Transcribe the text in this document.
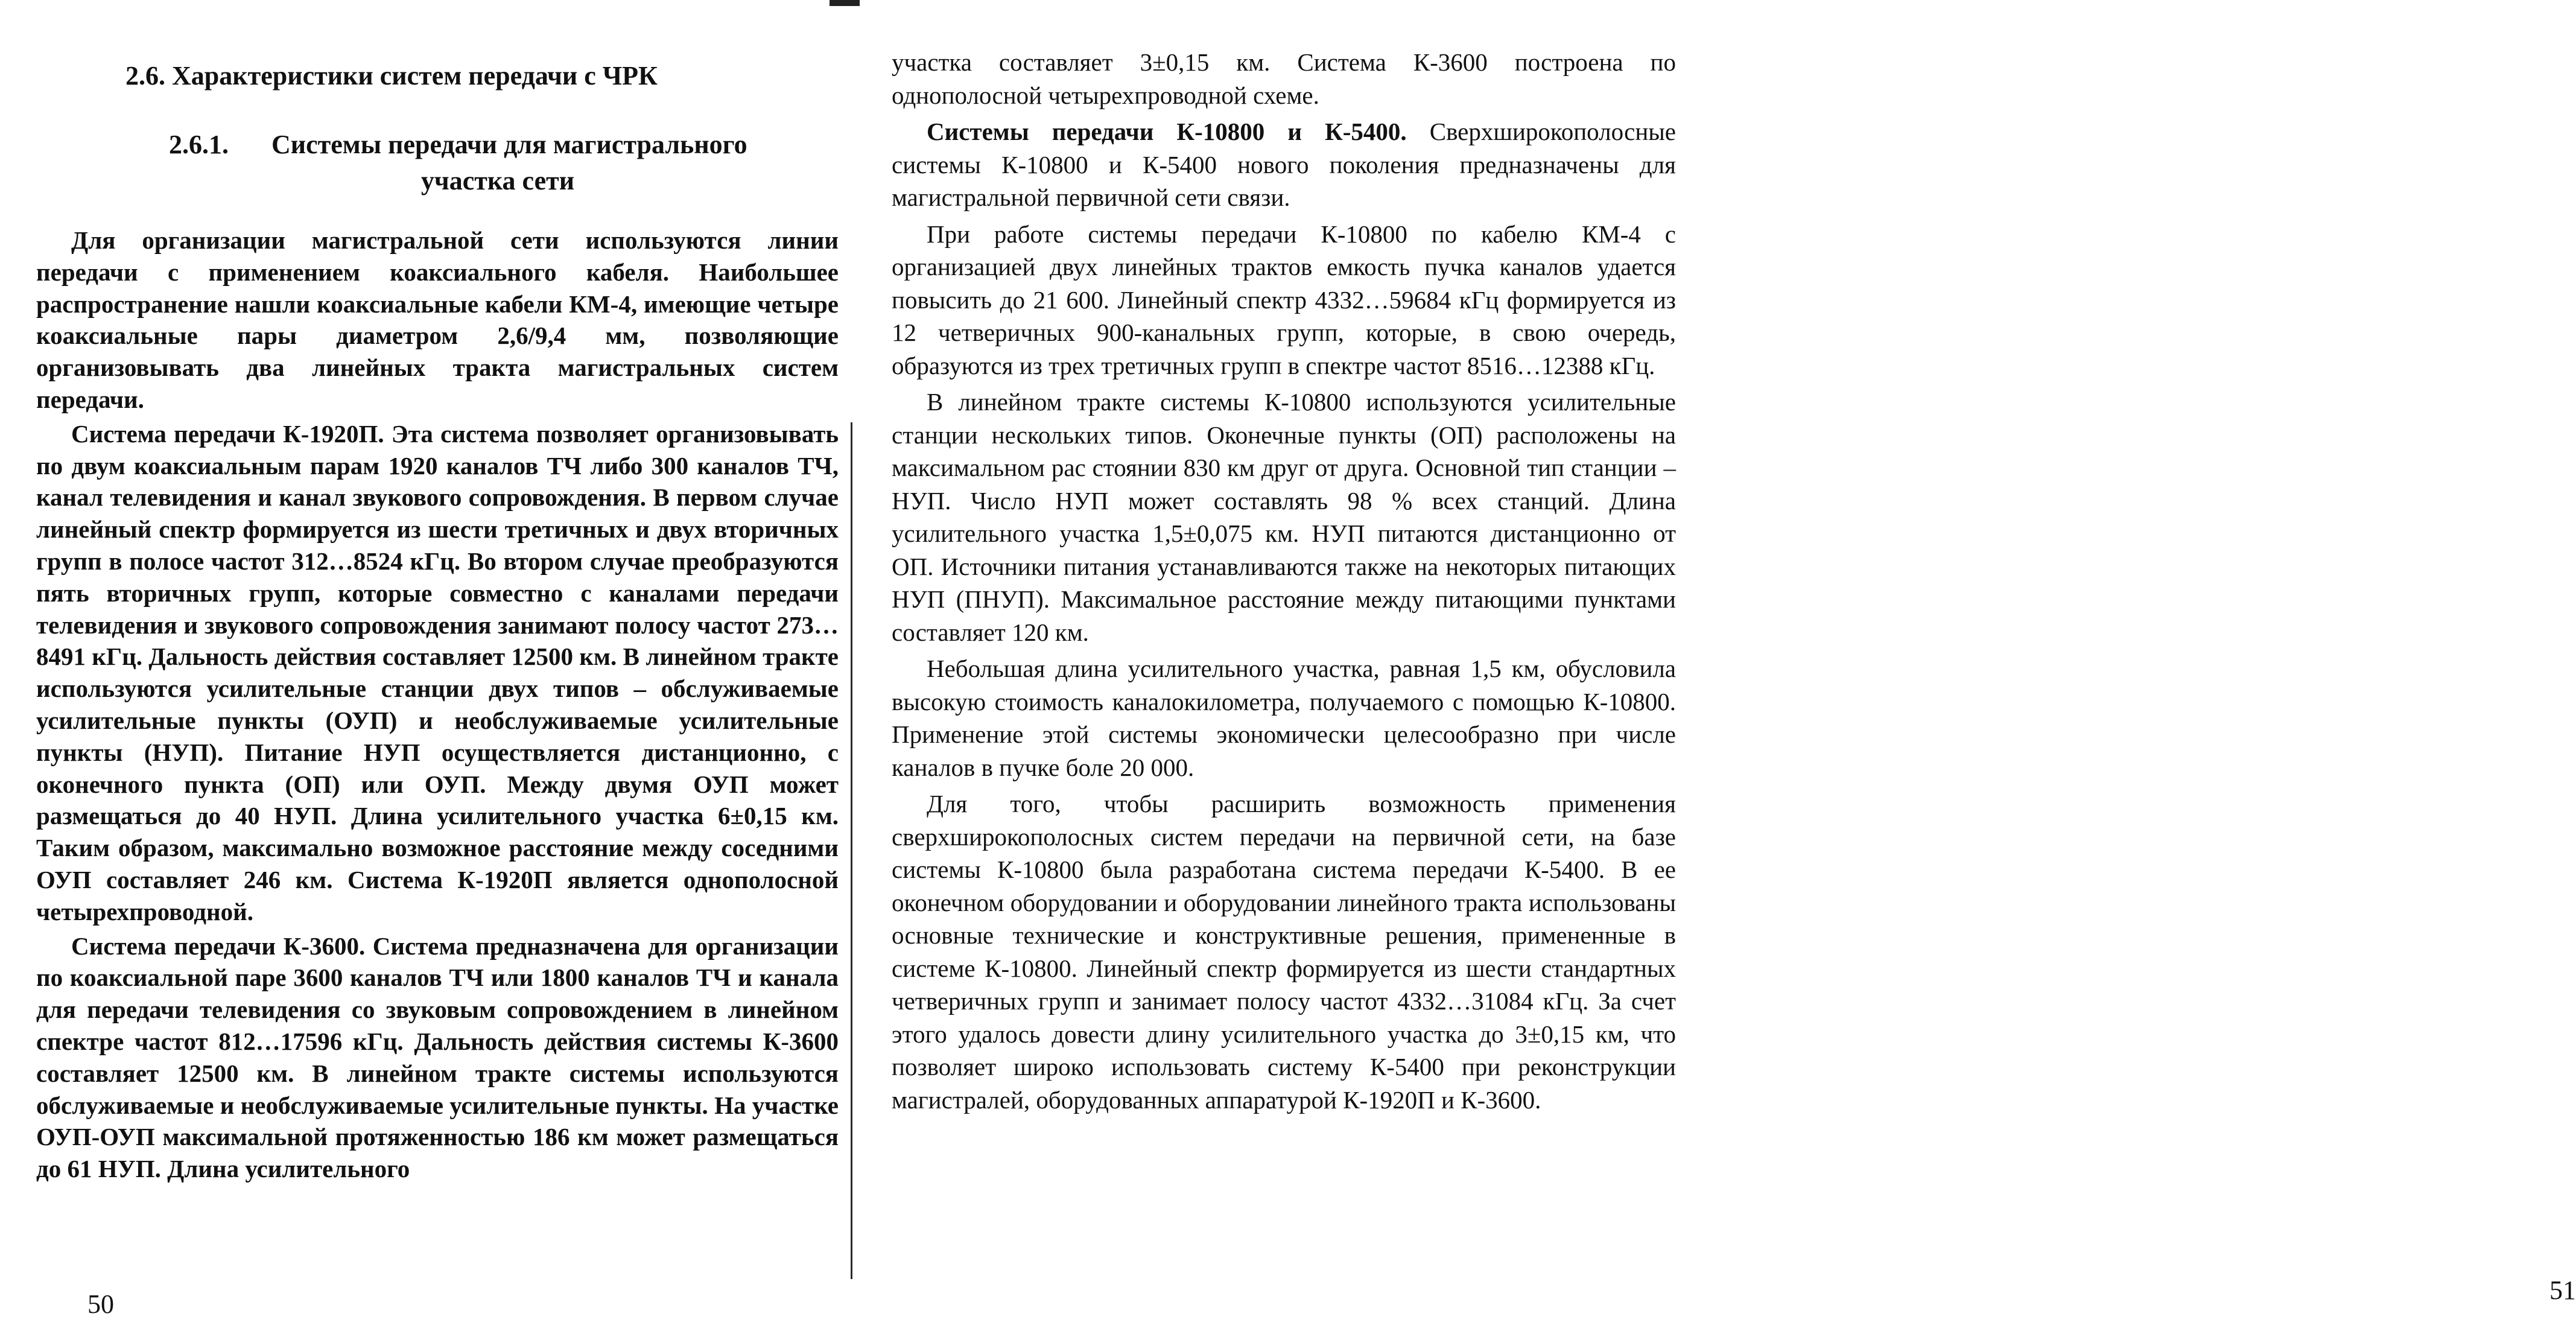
2.6. Характеристики систем передачи с ЧРК
2.6.1. Системы передачи для магистрального
участка сети

Для организации магистральной сети используются линии передачи с применением коаксиального кабеля. Наибольшее распространение нашли коаксиальные кабели КМ-4, имеющие четыре коаксиальные пары диаметром 2,6/9,4 мм, позволяющие организовывать два линейных тракта магистральных систем передачи.

Система передачи К-1920П. Эта система позволяет организовывать по двум коаксиальным парам 1920 каналов ТЧ либо 300 каналов ТЧ, канал телевидения и канал звукового сопровождения. В первом случае линейный спектр формируется из шести третичных и двух вторичных групп в полосе частот 312…8524 кГц. Во втором случае преобразуются пять вторичных групп, которые совместно с каналами передачи телевидения и звукового сопровождения занимают полосу частот 273…8491 кГц. Дальность действия составляет 12500 км. В линейном тракте используются усилительные станции двух типов – обслуживаемые усилительные пункты (ОУП) и необслуживаемые усилительные пункты (НУП). Питание НУП осуществляется дистанционно, с оконечного пункта (ОП) или ОУП. Между двумя ОУП может размещаться до 40 НУП. Длина усилительного участка 6±0,15 км. Таким образом, максимально возможное расстояние между соседними ОУП составляет 246 км. Система К-1920П является однополосной четырехпроводной.

Система передачи К-3600. Система предназначена для организации по коаксиальной паре 3600 каналов ТЧ или 1800 каналов ТЧ и канала для передачи телевидения со звуковым сопровождением в линейном спектре частот 812…17596 кГц. Дальность действия системы К-3600 составляет 12500 км. В линейном тракте системы используются обслуживаемые и необслуживаемые усилительные пункты. На участке ОУП-ОУП максимальной протяженностью 186 км может размещаться до 61 НУП. Длина усилительного

50

участка составляет 3±0,15 км. Система К-3600 построена по однополосной четырехпроводной схеме.

Системы передачи К-10800 и К-5400. Сверхширокополосные системы К-10800 и К-5400 нового поколения предназначены для магистральной первичной сети связи.

При работе системы передачи К-10800 по кабелю КМ-4 с организацией двух линейных трактов емкость пучка каналов удается повысить до 21 600. Линейный спектр 4332…59684 кГц формируется из 12 четверичных 900-канальных групп, которые, в свою очередь, образуются из трех третичных групп в спектре частот 8516…12388 кГц.

В линейном тракте системы К-10800 используются усилительные станции нескольких типов. Оконечные пункты (ОП) расположены на максимальном рас стоянии 830 км друг от друга. Основной тип станции – НУП. Число НУП может составлять 98 % всех станций. Длина усилительного участка 1,5±0,075 км. НУП питаются дистанционно от ОП. Источники питания устанавливаются также на некоторых питающих НУП (ПНУП). Максимальное расстояние между питающими пунктами составляет 120 км.

Небольшая длина усилительного участка, равная 1,5 км, обусловила высокую стоимость каналокилометра, получаемого с помощью К-10800. Применение этой системы экономически целесообразно при числе каналов в пучке боле 20 000.

Для того, чтобы расширить возможность применения сверхширокополосных систем передачи на первичной сети, на базе системы К-10800 была разработана система передачи К-5400. В ее оконечном оборудовании и оборудовании линейного тракта использованы основные технические и конструктивные решения, примененные в системе К-10800. Линейный спектр формируется из шести стандартных четверичных групп и занимает полосу частот 4332…31084 кГц. За счет этого удалось довести длину усилительного участка до 3±0,15 км, что позволяет широко использовать систему К-5400 при реконструкции магистралей, оборудованных аппаратурой К-1920П и К-3600.

51
